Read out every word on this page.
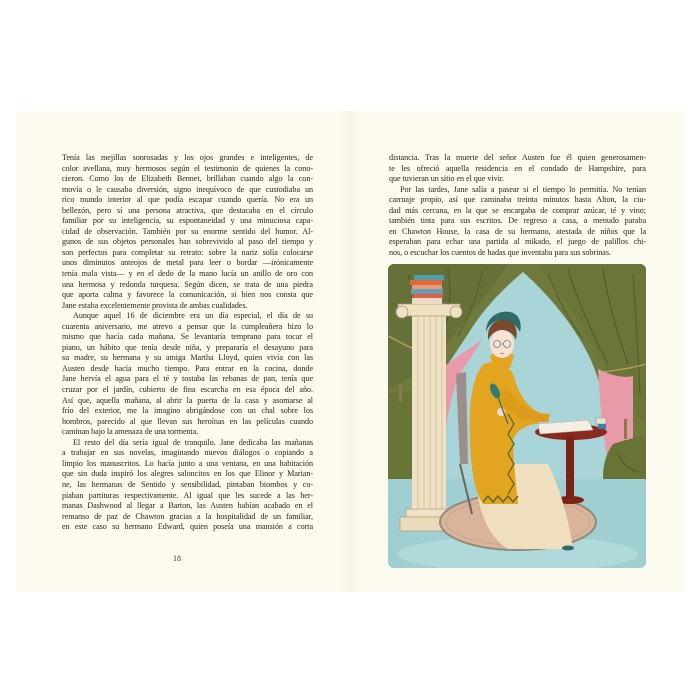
Tenía las mejillas sonrosadas y los ojos grandes e inteligentes, de
color avellana, muy hermosos según el testimonio de quienes la cono-
cieron. Como los de Elizabeth Bennet, brillaban cuando algo la con-
movía o le causaba diversión, signo inequívoco de que custodiaba un
rico mundo interior al que podía escapar cuando quería. No era un
bellezón, pero sí una persona atractiva, que destacaba en el círculo
familiar por su inteligencia, su espontaneidad y una minuciosa capa-
cidad de observación. También por su enorme sentido del humor. Al-
gunos de sus objetos personales han sobrevivido al paso del tiempo y
son perfectos para completar su retrato: sobre la nariz solía colocarse
unos diminutos anteojos de metal para leer o bordar —irónicamente
tenía mala vista— y en el dedo de la mano lucía un anillo de oro con
una hermosa y redonda turquesa. Según dicen, se trata de una piedra
que aporta calma y favorece la comunicación, si bien nos consta que
Jane estaba excelentemente provista de ambas cualidades.
Aunque aquel 16 de diciembre era un día especial, el día de su
cuarenta aniversario, me atrevo a pensar que la cumpleañera hizo lo
mismo que hacía cada mañana. Se levantaría temprano para tocar el
piano, un hábito que tenía desde niña, y prepararía el desayuno para
su madre, su hermana y su amiga Martha Lloyd, quien vivía con las
Austen desde hacía mucho tiempo. Para entrar en la cocina, donde
Jane hervía el agua para el té y tostaba las rebanas de pan, tenía que
cruzar por el jardín, cubierto de fina escarcha en esa época del año.
Así que, aquella mañana, al abrir la puerta de la casa y asomarse al
frío del exterior, me la imagino abrigándose con un chal sobre los
hombros, parecido al que llevan sus heroínas en las películas cuando
caminan bajo la amenaza de una tormenta.
El resto del día sería igual de tranquilo. Jane dedicaba las mañanas
a trabajar en sus novelas, imaginando nuevos diálogos o copiando a
limpio los manuscritos. Lo hacía junto a una ventana, en una habitación
que sin duda inspiró los alegres saloncitos en los que Elinor y Marian-
ne, las hermanas de Sentido y sensibilidad, pintaban biombos y co-
piaban partituras respectivamente. Al igual que les sucede a las her-
manas Dashwood al llegar a Barton, las Austen habían acabado en el
remanso de paz de Chawton gracias a la hospitalidad de un familiar,
en este caso su hermano Edward, quien poseía una mansión a corta
18
distancia. Tras la muerte del señor Austen fue él quien generosamen-
te les ofreció aquella residencia en el condado de Hampshire, para
que tuvieran un sitio en el que vivir.
Por las tardes, Jane salía a pasear si el tiempo lo permitía. No tenían
carruaje propio, así que caminaba treinta minutos hasta Alton, la ciu-
dad más cercana, en la que se encargaba de comprar azúcar, té y vino;
también tinta para sus escritos. De regreso a casa, a menudo paraba
en Chawton House, la casa de su hermano, atestada de niños que la
esperaban para echar una partida al mikado, el juego de palillos chi-
nos, o escuchar los cuentos de hadas que inventaba para sus sobrinas.
